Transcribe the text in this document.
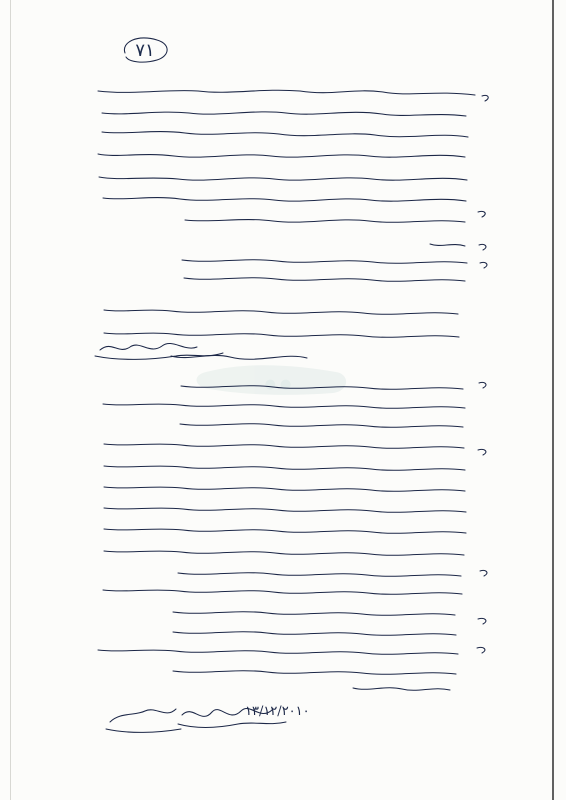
٧١
● ●
١٣/١٢/٢٠١٠
